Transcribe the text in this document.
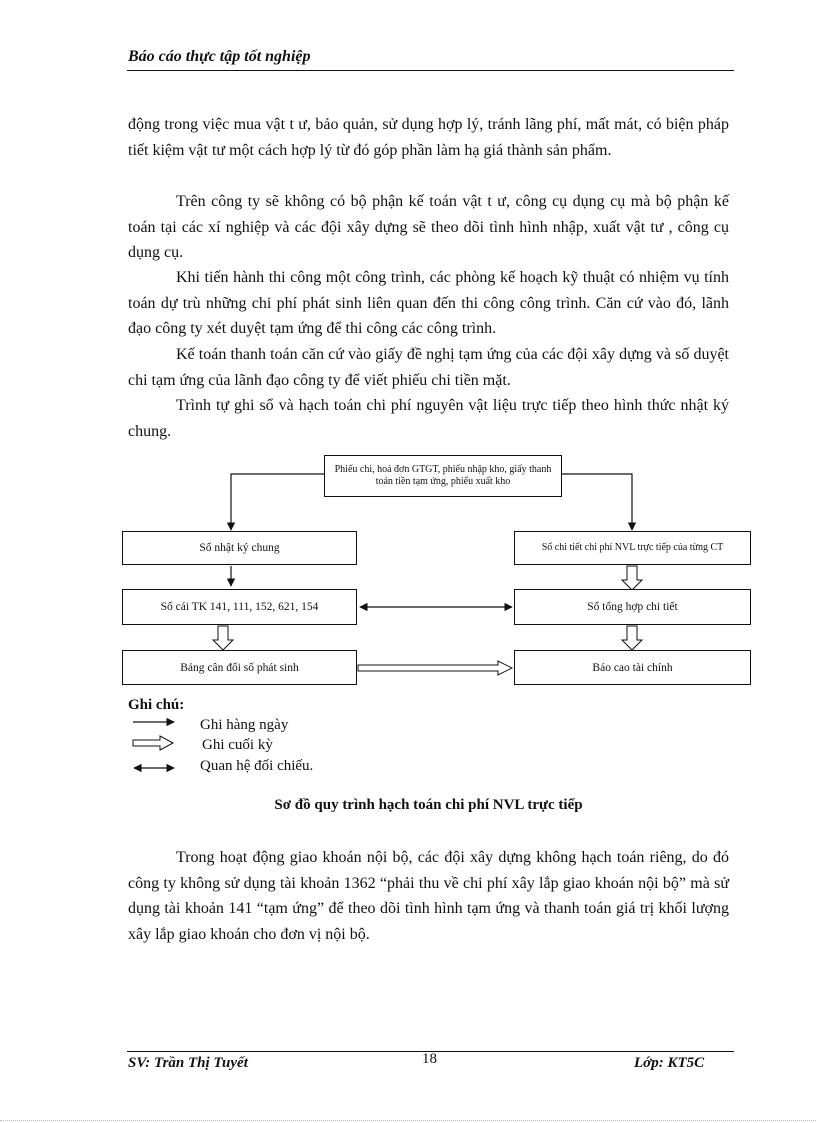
Báo cáo thực tập tốt nghiệp

động trong việc mua vật t ư, bảo quản, sử dụng hợp lý, tránh lãng phí, mất mát, có biện pháp tiết kiệm vật tư một cách hợp lý từ đó góp phần làm hạ giá thành sản phẩm.

Trên công ty sẽ không có bộ phận kế toán vật t ư, công cụ dụng cụ mà bộ phận kế toán tại các xí nghiệp và các đội xây dựng sẽ theo dõi tình hình nhập, xuất vật tư , công cụ dụng cụ.

Khi tiến hành thi công một công trình, các phòng kế hoạch kỹ thuật có nhiệm vụ tính toán dự trù những chi phí phát sinh liên quan đến thi công công trình. Căn cứ vào đó, lãnh đạo công ty xét duyệt tạm ứng để thi công các công trình.

Kế toán thanh toán căn cứ vào giấy đề nghị tạm ứng của các đội xây dựng và số duyệt chi tạm ứng của lãnh đạo công ty để viết phiếu chi tiền mặt.

Trình tự ghi sổ và hạch toán chi phí nguyên vật liệu trực tiếp theo hình thức nhật ký chung.

Phiếu chi, hoá đơn GTGT, phiếu nhập kho, giấy thanh toán tiền tạm ứng, phiếu xuất kho
Sổ nhật ký chung	Sổ chi tiết chi phí NVL trực tiếp của từng CT
Sổ cái TK 141, 111, 152, 621, 154	Sổ tổng hợp chi tiết
Bảng cân đối số phát sinh	Báo cao tài chính
Ghi chú:
Ghi hàng ngày
Ghi cuối kỳ
Quan hệ đối chiếu.
Sơ đồ quy trình hạch toán chi phí NVL trực tiếp

Trong hoạt động giao khoán nội bộ, các đội xây dựng không hạch toán riêng, do đó công ty không sử dụng tài khoản 1362 “phải thu về chi phí xây lắp giao khoán nội bộ” mà sử dụng tài khoản 141 “tạm ứng” để theo dõi tình hình tạm ứng và thanh toán giá trị khối lượng xây lắp giao khoán cho đơn vị nội bộ.

SV: Trần Thị Tuyết	18	Lớp: KT5C
